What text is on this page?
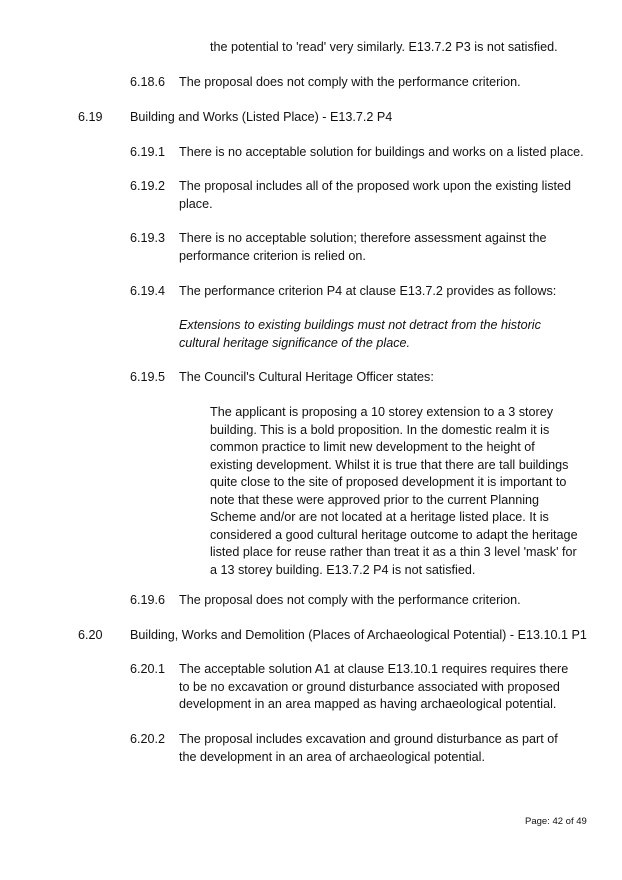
the potential to 'read' very similarly. E13.7.2 P3 is not satisfied.
6.18.6 The proposal does not comply with the performance criterion.
6.19 Building and Works (Listed Place) - E13.7.2 P4
6.19.1 There is no acceptable solution for buildings and works on a listed place.
6.19.2 The proposal includes all of the proposed work upon the existing listed place.
6.19.3 There is no acceptable solution; therefore assessment against the performance criterion is relied on.
6.19.4 The performance criterion P4 at clause E13.7.2 provides as follows:
Extensions to existing buildings must not detract from the historic cultural heritage significance of the place.
6.19.5 The Council's Cultural Heritage Officer states:
The applicant is proposing a 10 storey extension to a 3 storey building. This is a bold proposition. In the domestic realm it is common practice to limit new development to the height of existing development. Whilst it is true that there are tall buildings quite close to the site of proposed development it is important to note that these were approved prior to the current Planning Scheme and/or are not located at a heritage listed place. It is considered a good cultural heritage outcome to adapt the heritage listed place for reuse rather than treat it as a thin 3 level 'mask' for a 13 storey building. E13.7.2 P4 is not satisfied.
6.19.6 The proposal does not comply with the performance criterion.
6.20 Building, Works and Demolition (Places of Archaeological Potential) - E13.10.1 P1
6.20.1 The acceptable solution A1 at clause E13.10.1 requires requires there to be no excavation or ground disturbance associated with proposed development in an area mapped as having archaeological potential.
6.20.2 The proposal includes excavation and ground disturbance as part of the development in an area of archaeological potential.
Page: 42 of 49
